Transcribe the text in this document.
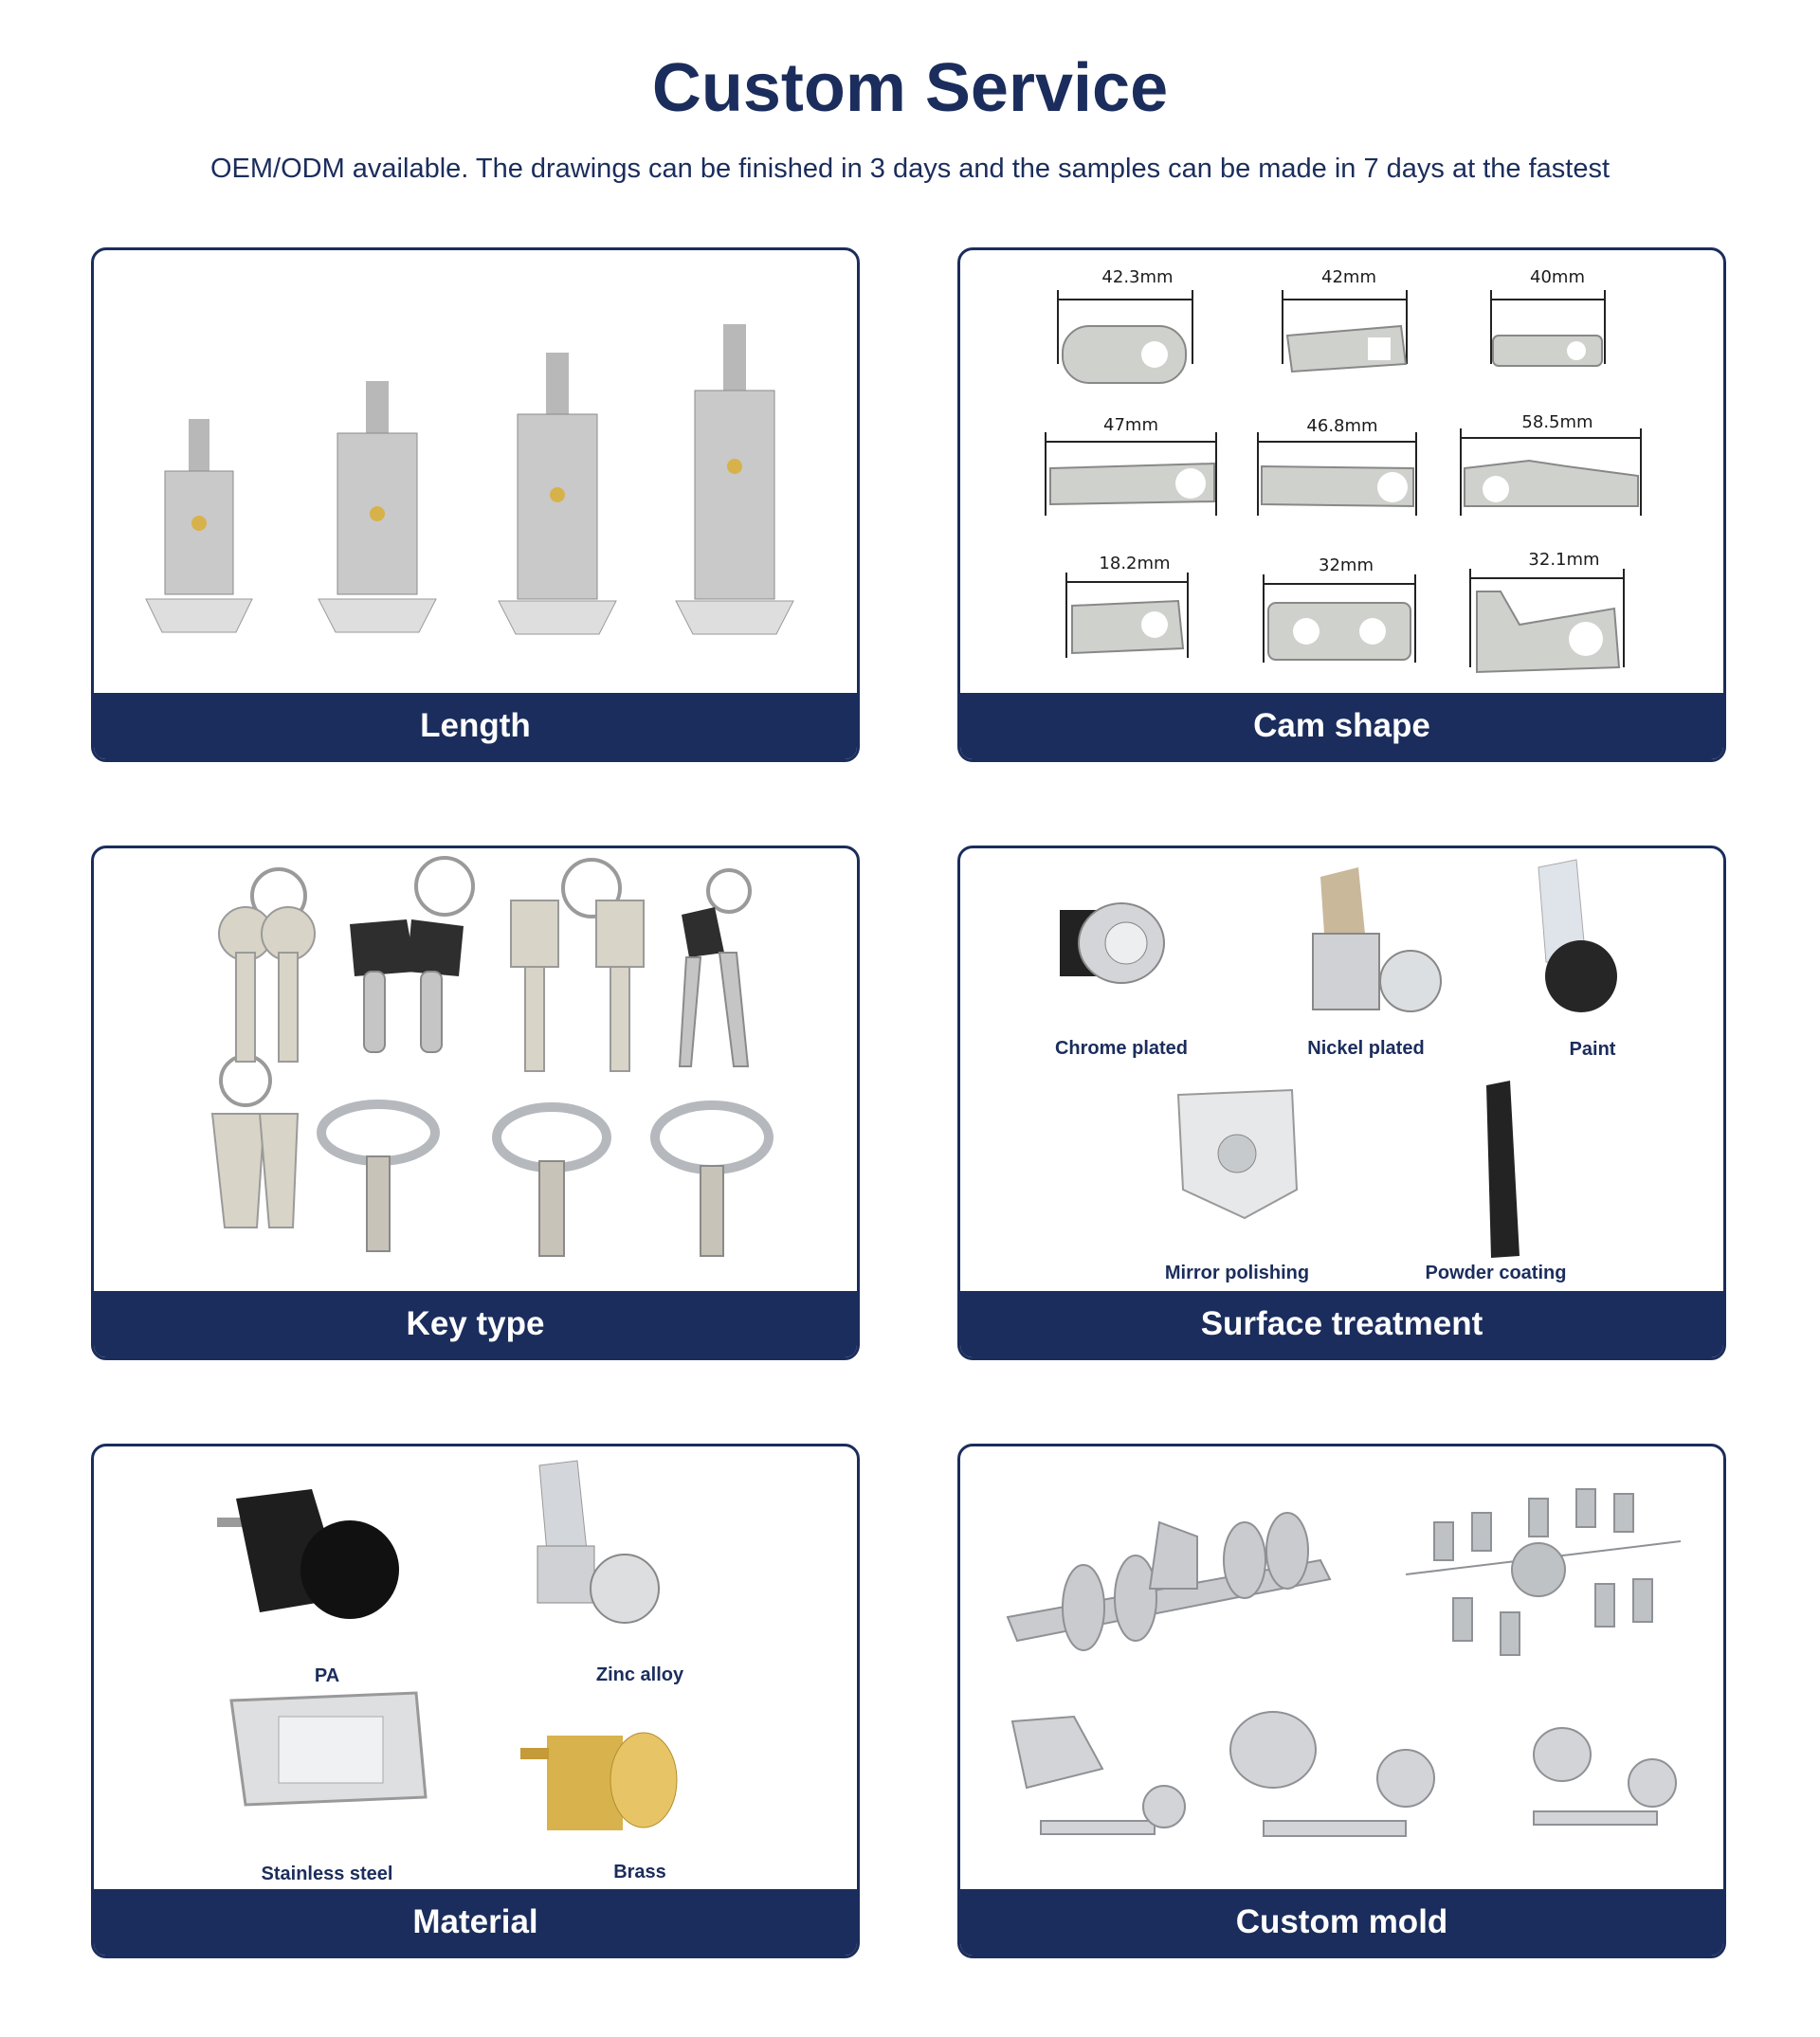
Custom Service
OEM/ODM available. The drawings can be finished in 3 days and the samples can be made in 7 days at the fastest
Length
42.3mm	42mm	40mm
47mm	46.8mm	58.5mm
18.2mm	32mm	32.1mm
Cam shape
Key type
Chrome plated	Nickel plated	Paint
Mirror polishing	Powder coating
Surface treatment
PA	Zinc alloy
Stainless steel	Brass
Material	Custom mold
